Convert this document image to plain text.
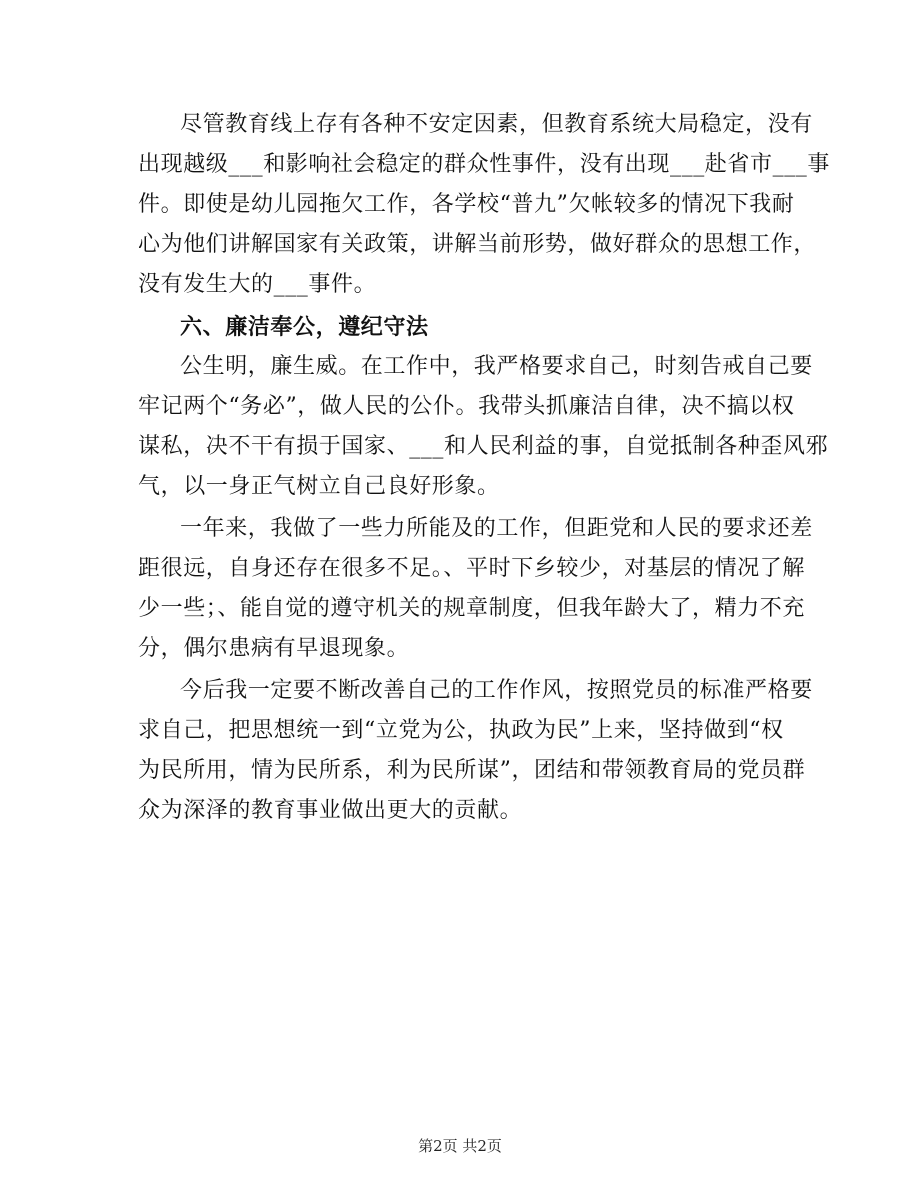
尽管教育线上存有各种不安定因素，但教育系统大局稳定，没有
出现越级___和影响社会稳定的群众性事件，没有出现___赴省市___事
件。即使是幼儿园拖欠工作，各学校“普九”欠帐较多的情况下我耐
心为他们讲解国家有关政策，讲解当前形势，做好群众的思想工作，
没有发生大的___事件。
六、廉洁奉公，遵纪守法
公生明，廉生威。在工作中，我严格要求自己，时刻告戒自己要
牢记两个“务必”，做人民的公仆。我带头抓廉洁自律，决不搞以权
谋私，决不干有损于国家、___和人民利益的事，自觉抵制各种歪风邪
气，以一身正气树立自己良好形象。
一年来，我做了一些力所能及的工作，但距党和人民的要求还差
距很远，自身还存在很多不足。、平时下乡较少，对基层的情况了解
少一些；、能自觉的遵守机关的规章制度，但我年龄大了，精力不充
分，偶尔患病有早退现象。
今后我一定要不断改善自己的工作作风，按照党员的标准严格要
求自己，把思想统一到“立党为公，执政为民”上来，坚持做到“权
为民所用，情为民所系，利为民所谋”，团结和带领教育局的党员群
众为深泽的教育事业做出更大的贡献。
第2页 共2页
